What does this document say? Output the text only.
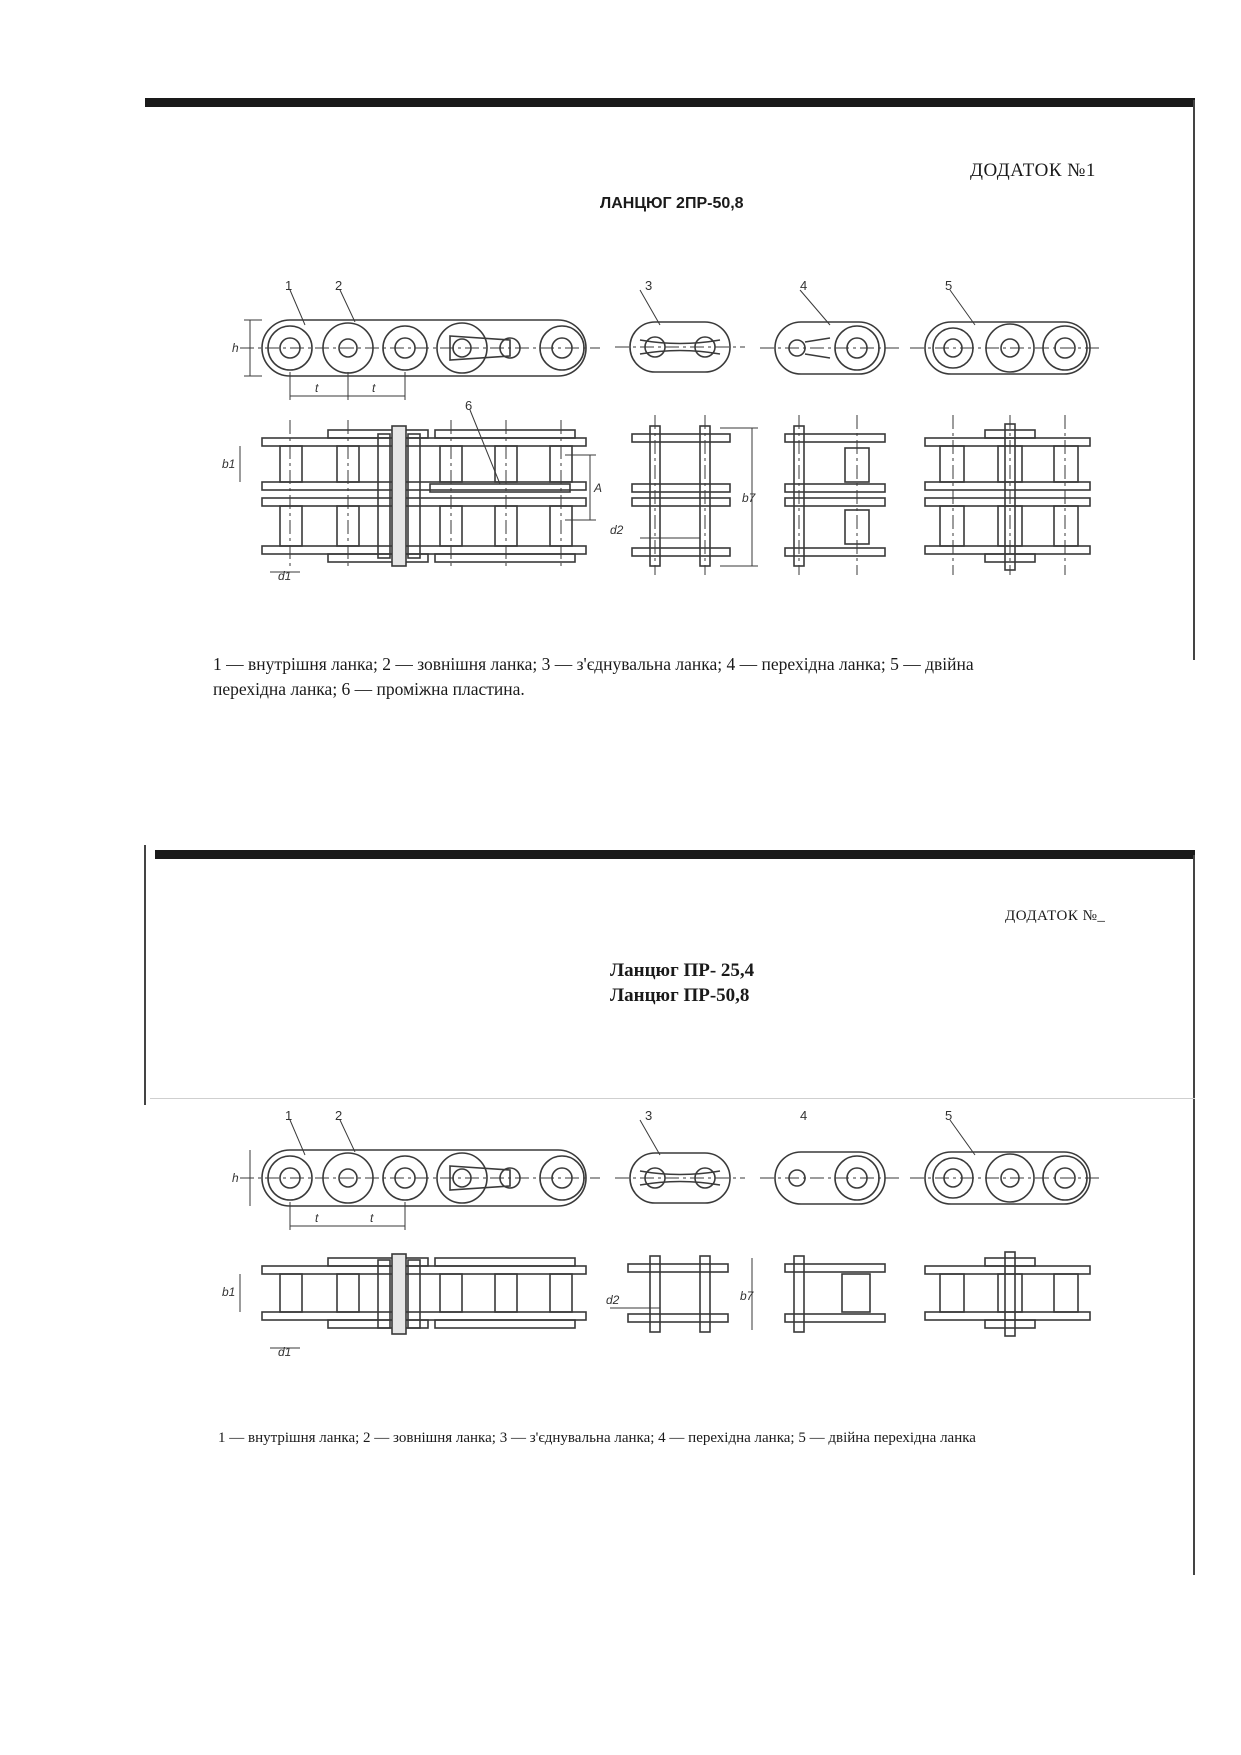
ДОДАТОК №1
ЛАНЦЮГ 2ПР-50,8
1	2	3	4	5
6
h
t	t
b1
d1
d2
A
b7
1 — внутрішня ланка; 2 — зовнішня ланка; 3 — з'єднувальна ланка; 4 — перехідна ланка; 5 — двійна
перехідна ланка; 6 — проміжна пластина.
ДОДАТОК №_
Ланцюг ПР- 25,4
Ланцюг ПР-50,8
1	2	3	4	5
h
t	t
b1
d1
d2	b7
1 — внутрішня ланка; 2 — зовнішня ланка; 3 — з'єднувальна ланка; 4 — перехідна ланка; 5 — двійна перехідна ланка
